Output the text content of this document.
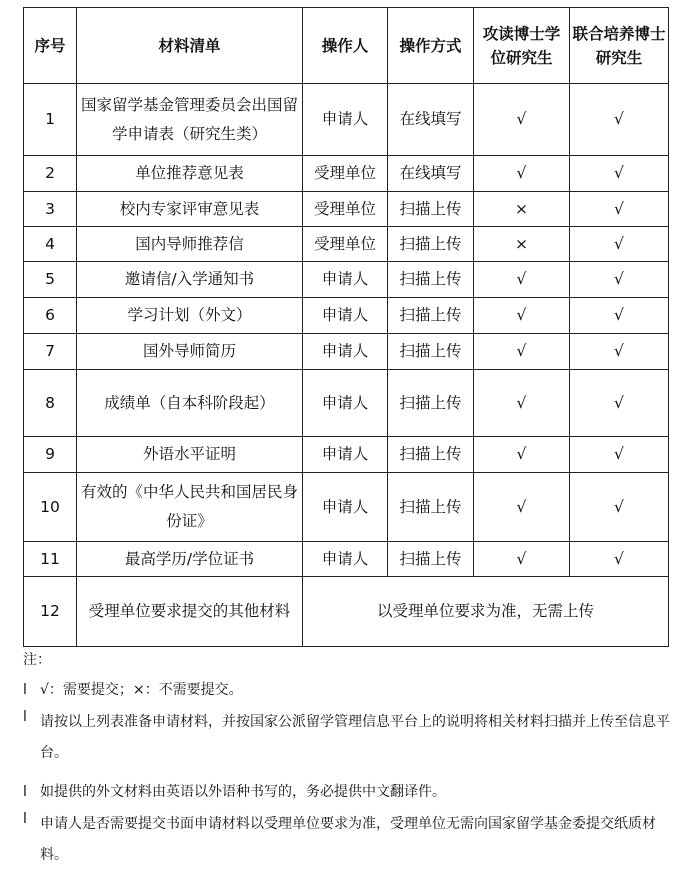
序号	材料清单	操作人	操作方式	攻读博士学位研究生	联合培养博士研究生
1	国家留学基金管理委员会出国留学申请表（研究生类）	申请人	在线填写	√	√
2	单位推荐意见表	受理单位	在线填写	√	√
3	校内专家评审意见表	受理单位	扫描上传	×	√
4	国内导师推荐信	受理单位	扫描上传	×	√
5	邀请信/入学通知书	申请人	扫描上传	√	√
6	学习计划（外文）	申请人	扫描上传	√	√
7	国外导师简历	申请人	扫描上传	√	√
8	成绩单（自本科阶段起）	申请人	扫描上传	√	√
9	外语水平证明	申请人	扫描上传	√	√
10	有效的《中华人民共和国居民身份证》	申请人	扫描上传	√	√
11	最高学历/学位证书	申请人	扫描上传	√	√
12	受理单位要求提交的其他材料	以受理单位要求为准，无需上传			
注：
l √：需要提交；×：不需要提交。
l 请按以上列表准备申请材料，并按国家公派留学管理信息平台上的说明将相关材料扫描并上传至信息平台。
l 如提供的外文材料由英语以外语种书写的，务必提供中文翻译件。
l 申请人是否需要提交书面申请材料以受理单位要求为准，受理单位无需向国家留学基金委提交纸质材料。
